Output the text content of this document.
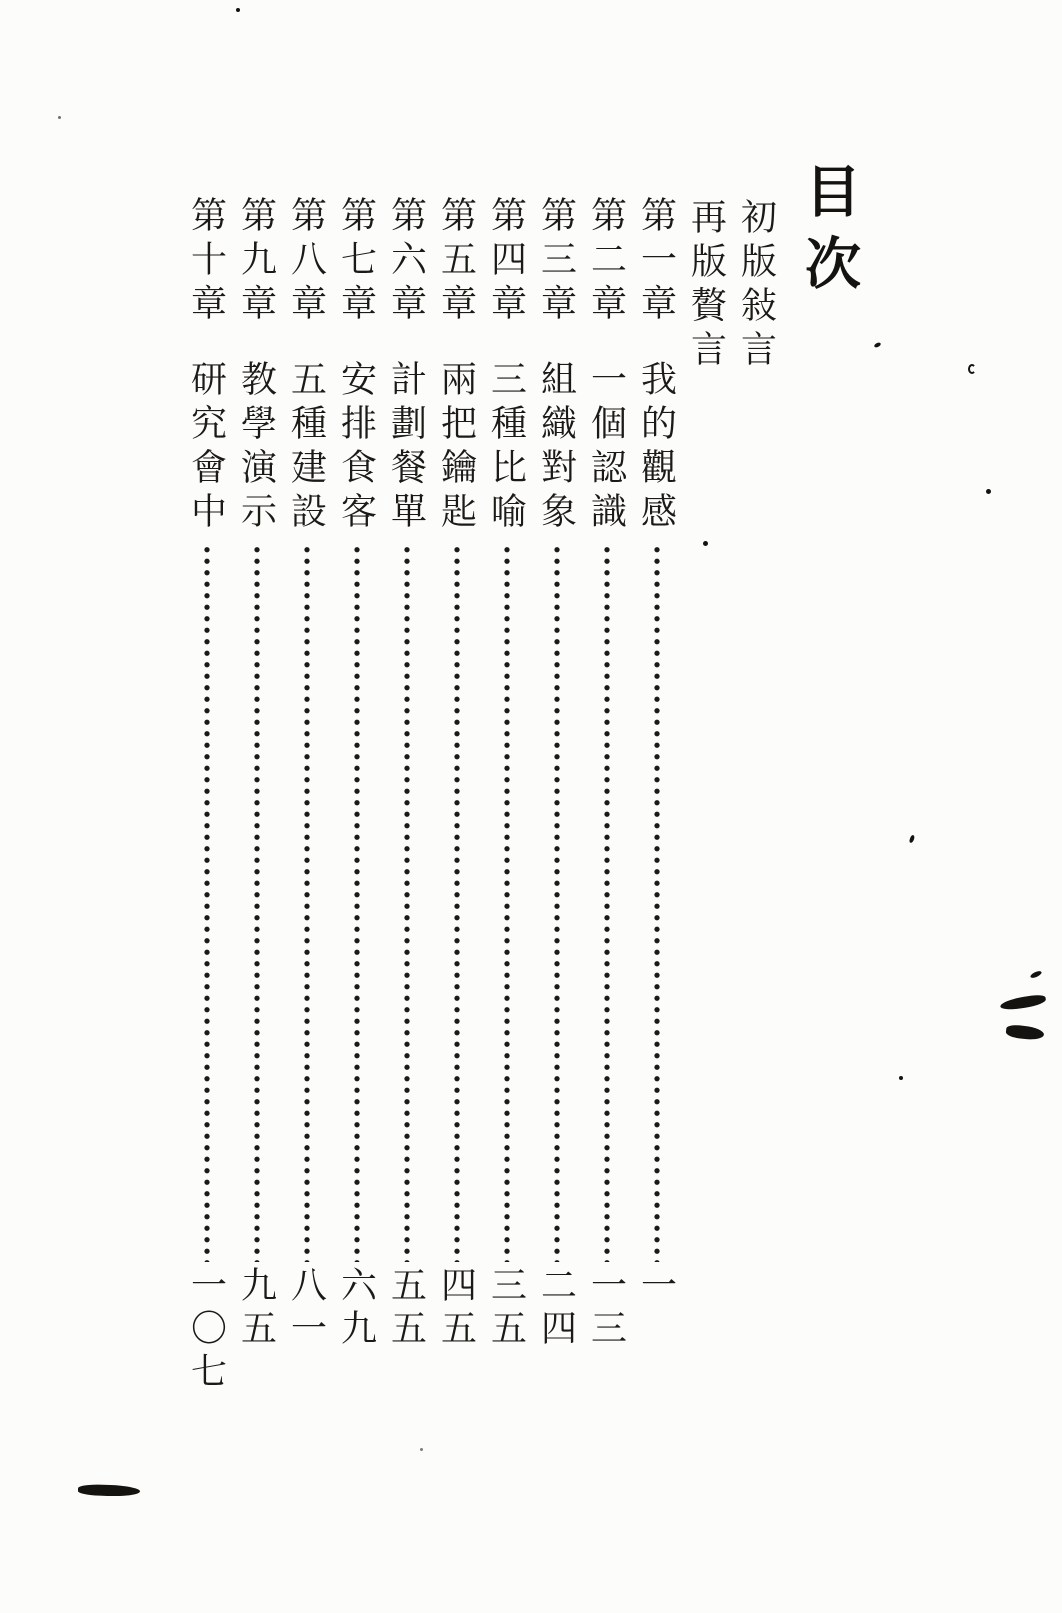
目次
初版敍言
再版贅言
第一章
我的觀感
一
第二章
一個認識
一三
第三章
組織對象
二四
第四章
三種比喻
三五
第五章
兩把鑰匙
四五
第六章
計劃餐單
五五
第七章
安排食客
六九
第八章
五種建設
八一
第九章
教學演示
九五
第十章
研究會中
一〇七
